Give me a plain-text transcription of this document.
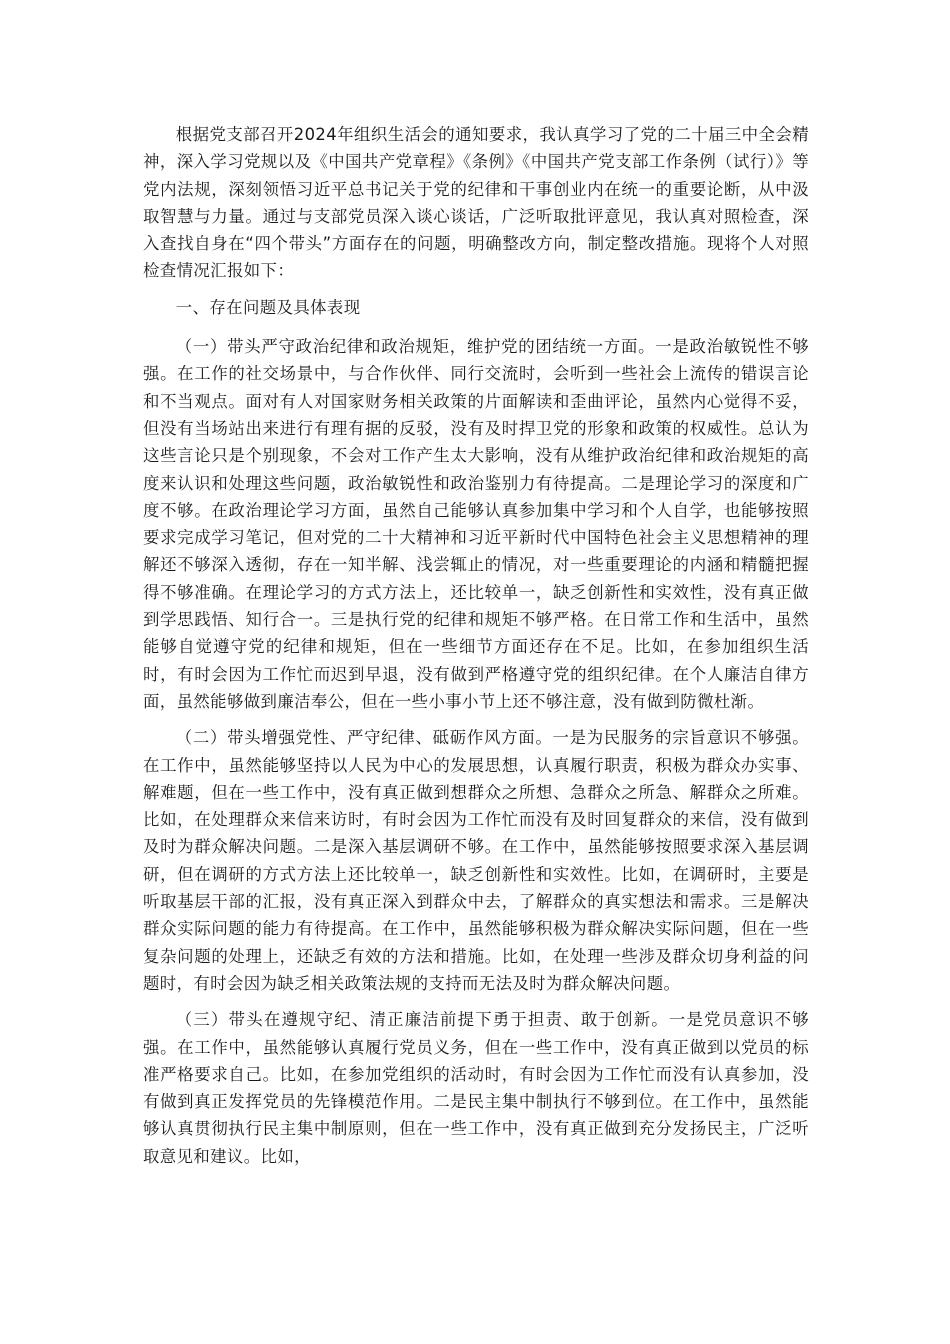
根据党支部召开2024年组织生活会的通知要求，我认真学习了党的二十届三中全会精神，深入学习党规以及《中国共产党章程》《条例》《中国共产党支部工作条例（试行）》等党内法规，深刻领悟习近平总书记关于党的纪律和干事创业内在统一的重要论断，从中汲取智慧与力量。通过与支部党员深入谈心谈话，广泛听取批评意见，我认真对照检查，深入查找自身在“四个带头”方面存在的问题，明确整改方向，制定整改措施。现将个人对照检查情况汇报如下：

一、存在问题及具体表现

（一）带头严守政治纪律和政治规矩，维护党的团结统一方面。一是政治敏锐性不够强。在工作的社交场景中，与合作伙伴、同行交流时，会听到一些社会上流传的错误言论和不当观点。面对有人对国家财务相关政策的片面解读和歪曲评论，虽然内心觉得不妥，但没有当场站出来进行有理有据的反驳，没有及时捍卫党的形象和政策的权威性。总认为这些言论只是个别现象，不会对工作产生太大影响，没有从维护政治纪律和政治规矩的高度来认识和处理这些问题，政治敏锐性和政治鉴别力有待提高。二是理论学习的深度和广度不够。在政治理论学习方面，虽然自己能够认真参加集中学习和个人自学，也能够按照要求完成学习笔记，但对党的二十大精神和习近平新时代中国特色社会主义思想精神的理解还不够深入透彻，存在一知半解、浅尝辄止的情况，对一些重要理论的内涵和精髓把握得不够准确。在理论学习的方式方法上，还比较单一，缺乏创新性和实效性，没有真正做到学思践悟、知行合一。三是执行党的纪律和规矩不够严格。在日常工作和生活中，虽然能够自觉遵守党的纪律和规矩，但在一些细节方面还存在不足。比如，在参加组织生活时，有时会因为工作忙而迟到早退，没有做到严格遵守党的组织纪律。在个人廉洁自律方面，虽然能够做到廉洁奉公，但在一些小事小节上还不够注意，没有做到防微杜渐。

（二）带头增强党性、严守纪律、砥砺作风方面。一是为民服务的宗旨意识不够强。在工作中，虽然能够坚持以人民为中心的发展思想，认真履行职责，积极为群众办实事、解难题，但在一些工作中，没有真正做到想群众之所想、急群众之所急、解群众之所难。比如，在处理群众来信来访时，有时会因为工作忙而没有及时回复群众的来信，没有做到及时为群众解决问题。二是深入基层调研不够。在工作中，虽然能够按照要求深入基层调研，但在调研的方式方法上还比较单一，缺乏创新性和实效性。比如，在调研时，主要是听取基层干部的汇报，没有真正深入到群众中去，了解群众的真实想法和需求。三是解决群众实际问题的能力有待提高。在工作中，虽然能够积极为群众解决实际问题，但在一些复杂问题的处理上，还缺乏有效的方法和措施。比如，在处理一些涉及群众切身利益的问题时，有时会因为缺乏相关政策法规的支持而无法及时为群众解决问题。

（三）带头在遵规守纪、清正廉洁前提下勇于担责、敢于创新。一是党员意识不够强。在工作中，虽然能够认真履行党员义务，但在一些工作中，没有真正做到以党员的标准严格要求自己。比如，在参加党组织的活动时，有时会因为工作忙而没有认真参加，没有做到真正发挥党员的先锋模范作用。二是民主集中制执行不够到位。在工作中，虽然能够认真贯彻执行民主集中制原则，但在一些工作中，没有真正做到充分发扬民主，广泛听取意见和建议。比如，
